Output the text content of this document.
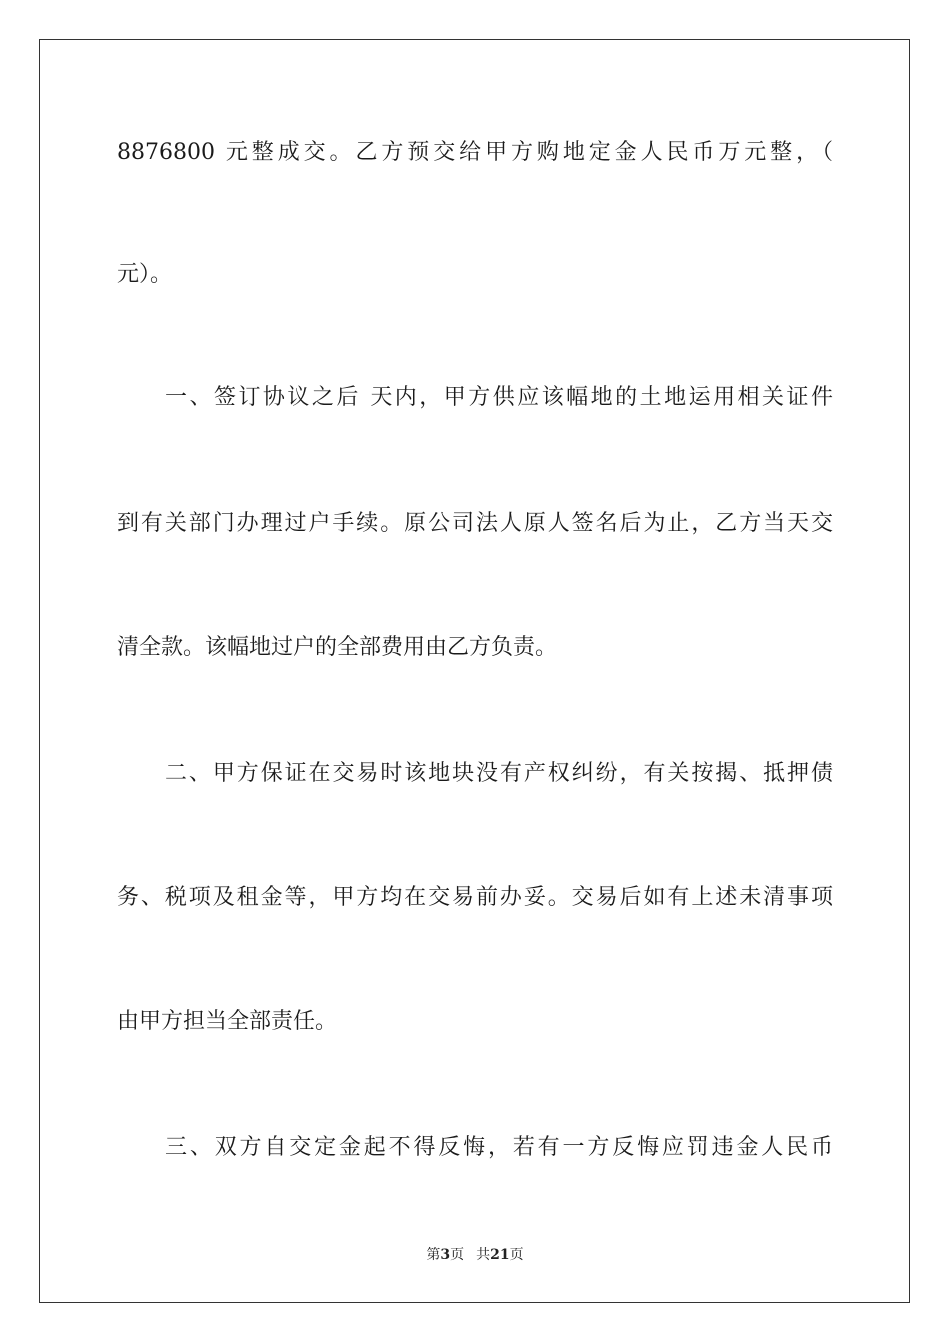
8876800 元整成交。乙方预交给甲方购地定金人民币万元整，（
元）。
一、签订协议之后 天内，甲方供应该幅地的土地运用相关证件
到有关部门办理过户手续。原公司法人原人签名后为止，乙方当天交
清全款。该幅地过户的全部费用由乙方负责。
二、甲方保证在交易时该地块没有产权纠纷，有关按揭、抵押债
务、税项及租金等，甲方均在交易前办妥。交易后如有上述未清事项
由甲方担当全部责任。
三、双方自交定金起不得反悔，若有一方反悔应罚违金人民币
第3页 共21页
